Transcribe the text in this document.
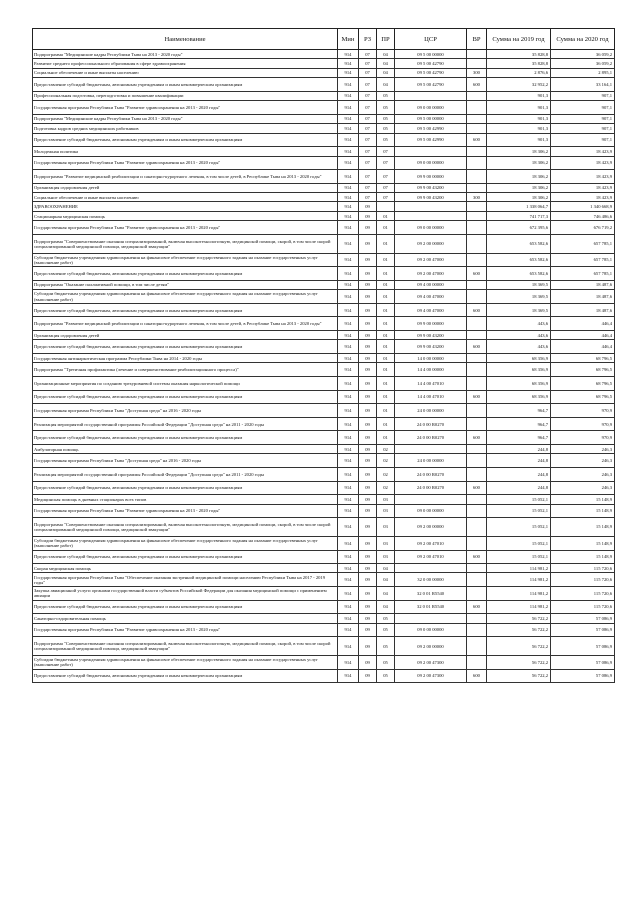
Наименование	Мин	РЗ	ПР	ЦСР	ВР	Сумма на 2019 год	Сумма на 2020 год
Подпрограмма "Медицинские кадры Республики Тыва на 2013 - 2020 годы"	914	07	04	09 5 00 00000		35 828,8	36 059,2
Развитие среднего профессионального образования в сфере здравоохранения	914	07	04	09 5 00 42790		35 828,8	36 059,2
Социальное обеспечение и иные выплаты населению	914	07	04	09 5 00 42790	300	2 876,6	2 895,1
Предоставление субсидий бюджетным, автономным учреждениям и иным некоммерческим организациям	914	07	04	09 5 00 42790	600	32 952,2	33 164,1
Профессиональная подготовка, переподготовка и повышение квалификации	914	07	05			901,3	907,1
Государственная программа Республики Тыва "Развитие здравоохранения на 2013 - 2020 годы"	914	07	05	09 0 00 00000		901,3	907,1
Подпрограмма "Медицинские кадры Республики Тыва на 2013 - 2020 годы"	914	07	05	09 5 00 00000		901,3	907,1
Подготовка кадров средних медицинских работников	914	07	05	09 5 00 42990		901,3	907,1
Предоставление субсидий бюджетным, автономным учреждениям и иным некоммерческим организациям	914	07	05	09 5 00 42990	600	901,3	907,1
Молодежная политика	914	07	07			18 306,2	18 423,9
Государственная программа Республики Тыва "Развитие здравоохранения на 2013 - 2020 годы"	914	07	07	09 0 00 00000		18 306,2	18 423,9
Подпрограмма "Развитие медицинской реабилитации и санаторно-курортного лечения, в том числе детей, в Республике Тыва на 2013 - 2020 годы"	914	07	07	09 9 00 00000		18 306,2	18 423,9
Организация оздоровления детей	914	07	07	09 9 00 43200		18 306,2	18 423,9
Социальное обеспечение и иные выплаты населению	914	07	07	09 9 00 43200	300	18 306,2	18 423,9
ЗДРАВООХРАНЕНИЕ	914	09				1 338 064,7	1 340 668,9
Стационарная медицинская помощь	914	09	01			741 717,3	746 486,6
Государственная программа Республики Тыва "Развитие здравоохранения на 2013 - 2020 годы"	914	09	01	09 0 00 00000		672 395,6	676 719,2
Подпрограмма "Совершенствование оказания специализированной, включая высокотехнологичную, медицинской помощи, скорой, в том числе скорой специализированной медицинской помощи, медицинской эвакуации"	914	09	01	09 2 00 00000		653 582,6	657 785,1
Субсидии бюджетным учреждениям здравоохранения на финансовое обеспечение государственного задания на оказание государственных услуг (выполнение работ)	914	09	01	09 2 00 47000		653 582,6	657 785,1
Предоставление субсидий бюджетным, автономным учреждениям и иным некоммерческим организациям	914	09	01	09 2 00 47000	600	653 582,6	657 785,1
Подпрограмма "Оказание паллиативной помощи, в том числе детям"	914	09	01	09 4 00 00000		18 369,5	18 487,6
Субсидии бюджетным учреждениям здравоохранения на финансовое обеспечение государственного задания на оказание государственных услуг (выполнение работ)	914	09	01	09 4 00 47000		18 369,5	18 487,6
Предоставление субсидий бюджетным, автономным учреждениям и иным некоммерческим организациям	914	09	01	09 4 00 47000	600	18 369,5	18 487,6
Подпрограмма "Развитие медицинской реабилитации и санаторно-курортного лечения, в том числе детей, в Республике Тыва на 2013 - 2020 годы"	914	09	01	09 9 00 00000		443,6	446,4
Организация оздоровления детей	914	09	01	09 9 00 43200		443,6	446,4
Предоставление субсидий бюджетным, автономным учреждениям и иным некоммерческим организациям	914	09	01	09 9 00 43200	600	443,6	446,4
Государственная антинаркотическая программа Республики Тыва на 2014 - 2020 годы	914	09	01	14 0 00 00000		68 356,9	68 796,5
Подпрограмма "Третичная профилактика (лечение и совершенствование реабилитационного процесса)"	914	09	01	14 4 00 00000		68 356,9	68 796,5
Организационные мероприятия по созданию трехуровневой системы оказания наркологической помощи	914	09	01	14 4 00 47010		68 356,9	68 796,5
Предоставление субсидий бюджетным, автономным учреждениям и иным некоммерческим организациям	914	09	01	14 4 00 47010	600	68 356,9	68 796,5
Государственная программа Республики Тыва "Доступная среда" на 2016 - 2020 годы	914	09	01	24 0 00 00000		964,7	970,9
Реализация мероприятий государственной программы Российской Федерации "Доступная среда" на 2011 - 2020 годы	914	09	01	24 0 00 R0270		964,7	970,9
Предоставление субсидий бюджетным, автономным учреждениям и иным некоммерческим организациям	914	09	01	24 0 00 R0270	600	964,7	970,9
Амбулаторная помощь	914	09	02			244,8	246,3
Государственная программа Республики Тыва "Доступная среда" на 2016 - 2020 годы	914	09	02	24 0 00 00000		244,8	246,3
Реализация мероприятий государственной программы Российской Федерации "Доступная среда" на 2011 - 2020 годы	914	09	02	24 0 00 R0270		244,8	246,3
Предоставление субсидий бюджетным, автономным учреждениям и иным некоммерческим организациям	914	09	02	24 0 00 R0270	600	244,8	246,3
Медицинская помощь в дневных стационарах всех типов	914	09	03			15 052,1	15 148,9
Государственная программа Республики Тыва "Развитие здравоохранения на 2013 - 2020 годы"	914	09	03	09 0 00 00000		15 052,1	15 148,9
Подпрограмма "Совершенствование оказания специализированной, включая высокотехнологичную, медицинской помощи, скорой, в том числе скорой специализированной медицинской помощи, медицинской эвакуации"	914	09	03	09 2 00 00000		15 052,1	15 148,9
Субсидии бюджетным учреждениям здравоохранения на финансовое обеспечение государственного задания на оказание государственных услуг (выполнение работ)	914	09	03	09 2 00 47010		15 052,1	15 148,9
Предоставление субсидий бюджетным, автономным учреждениям и иным некоммерческим организациям	914	09	03	09 2 00 47010	600	15 052,1	15 148,9
Скорая медицинская помощь	914	09	04			114 981,2	115 720,6
Государственная программа Республики Тыва "Обеспечение оказания экстренной медицинской помощи населению Республики Тыва на 2017 - 2019 годы"	914	09	04	32 0 00 00000		114 981,2	115 720,6
Закупка авиационной услуги органами государственной власти субъектов Российской Федерации для оказания медицинской помощи с применением авиации	914	09	04	32 0 01 R5540		114 981,2	115 720,6
Предоставление субсидий бюджетным, автономным учреждениям и иным некоммерческим организациям	914	09	04	32 0 01 R5540	600	114 981,2	115 720,6
Санаторно-оздоровительная помощь	914	09	05			56 722,2	57 086,9
Государственная программа Республики Тыва "Развитие здравоохранения на 2013 - 2020 годы"	914	09	05	09 0 00 00000		56 722,2	57 086,9
Подпрограмма "Совершенствование оказания специализированной, включая высокотехнологичную, медицинской помощи, скорой, в том числе скорой специализированной медицинской помощи, медицинской эвакуации"	914	09	05	09 2 00 00000		56 722,2	57 086,9
Субсидии бюджетным учреждениям здравоохранения на финансовое обеспечение государственного задания на оказание государственных услуг (выполнение работ)	914	09	05	09 2 00 47300		56 722,2	57 086,9
Предоставление субсидий бюджетным, автономным учреждениям и иным некоммерческим организациям	914	09	05	09 2 00 47300	600	56 722,2	57 086,9
